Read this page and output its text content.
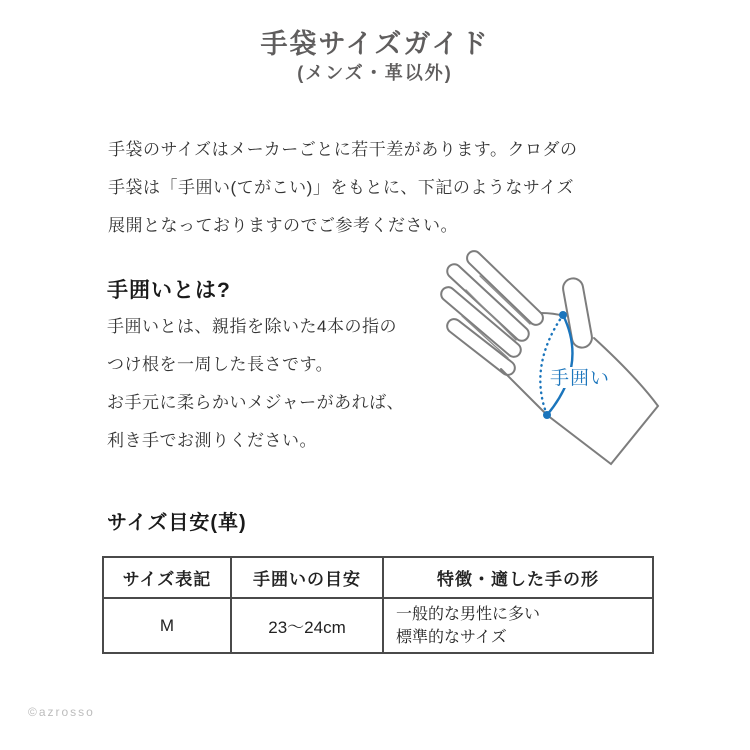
手袋サイズガイド
(メンズ・革以外)

手袋のサイズはメーカーごとに若干差があります。クロダの
手袋は「手囲い(てがこい)」をもとに、下記のようなサイズ
展開となっておりますのでご参考ください。

手囲いとは?

手囲いとは、親指を除いた4本の指の
つけ根を一周した長さです。
お手元に柔らかいメジャーがあれば、
利き手でお測りください。

手囲い
サイズ目安(革)
サイズ表記	手囲いの目安	特徴・適した手の形
M	23〜24cm	一般的な男性に多い
標準的なサイズ
©azrosso
